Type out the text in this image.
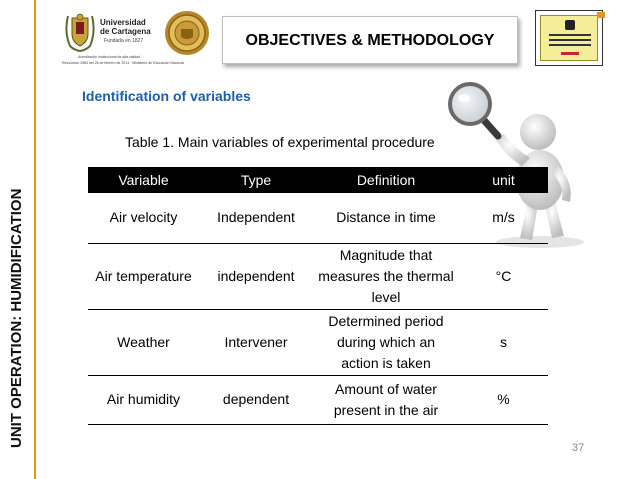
UNIT OPERATION: HUMIDIFICATION
Universidad
de Cartagena
Fundada en 1827
Acreditación institucional de alta calidad
Resolución 2583 del 26 de febrero de 2014 · Ministerio de Educación Nacional
OBJECTIVES & METHODOLOGY
Identification of variables
Table 1. Main variables of experimental procedure
Variable	Type	Definition	unit
Air velocity	Independent	Distance in time	m/s
Air temperature	independent	Magnitude that measures the thermal level	°C
Weather	Intervener	Determined period during which an action is taken	s
Air humidity	dependent	Amount of water present in the air	%
37
